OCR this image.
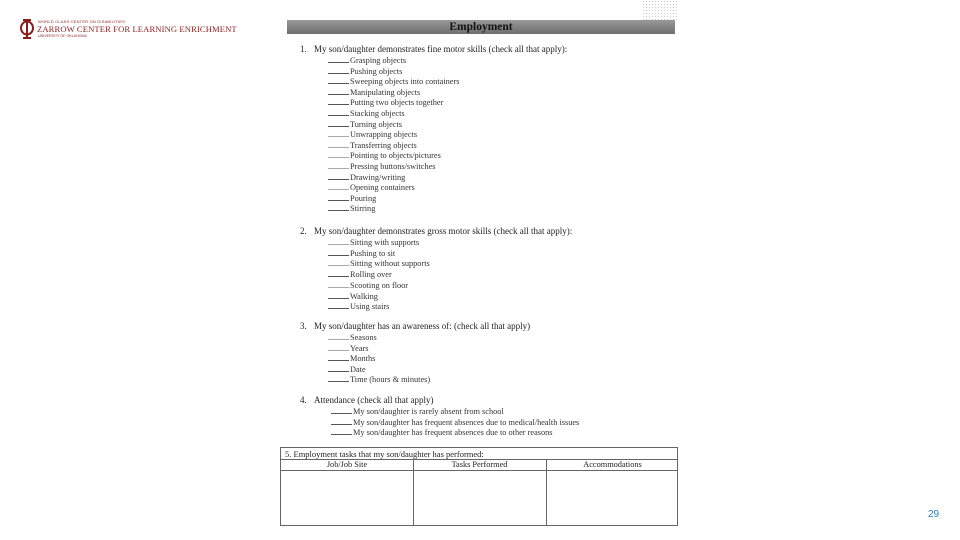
WORLD CLASS CENTER ON DISABILITIES
ZARROW CENTER FOR LEARNING ENRICHMENT
UNIVERSITY OF OKLAHOMA
Employment
1. My son/daughter demonstrates fine motor skills (check all that apply):
Grasping objects
Pushing objects
Sweeping objects into containers
Manipulating objects
Putting two objects together
Stacking objects
Turning objects
Unwrapping objects
Transferring objects
Pointing to objects/pictures
Pressing buttons/switches
Drawing/writing
Opening containers
Pouring
Stirring
2. My son/daughter demonstrates gross motor skills (check all that apply):
Sitting with supports
Pushing to sit
Sitting without supports
Rolling over
Scooting on floor
Walking
Using stairs
3. My son/daughter has an awareness of: (check all that apply)
Seasons
Years
Months
Date
Time (hours & minutes)
4. Attendance (check all that apply)
My son/daughter is rarely absent from school
My son/daughter has frequent absences due to medical/health issues
My son/daughter has frequent absences due to other reasons
5. Employment tasks that my son/daughter has performed:
Job/Job Site	Tasks Performed	Accommodations
29
